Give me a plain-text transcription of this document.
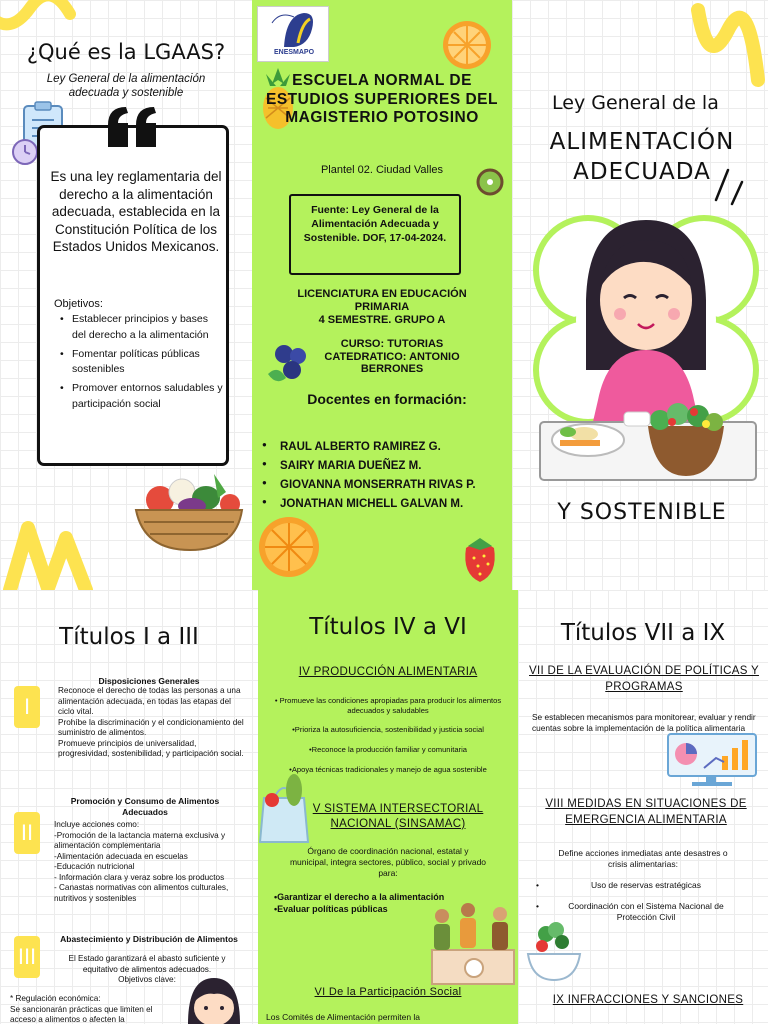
¿Qué es la LGAAS?
Ley General de la alimentación adecuada y sostenible
Es una ley reglamentaria del derecho a la alimentación adecuada, establecida en la Constitución Política de los Estados Unidos Mexicanos.
Objetivos:
• Establecer principios y bases del derecho a la alimentación
• Fomentar políticas públicas sostenibles
• Promover entornos saludables y participación social
ENESMAPO
ESCUELA NORMAL DE ESTUDIOS SUPERIORES DEL MAGISTERIO POTOSINO
Plantel 02. Ciudad Valles
Fuente: Ley General de la Alimentación Adecuada y Sostenible. DOF, 17-04-2024.
LICENCIATURA EN EDUCACIÓN PRIMARIA
4 SEMESTRE. GRUPO A
CURSO: TUTORIAS
CATEDRATICO: ANTONIO BERRONES
Docentes en formación:
● RAUL ALBERTO RAMIREZ G.
● SAIRY MARIA DUEÑEZ M.
● GIOVANNA MONSERRATH RIVAS P.
● JONATHAN MICHELL GALVAN M.
Ley General de la
ALIMENTACIÓN ADECUADA
Y SOSTENIBLE
Títulos I a III
I
Disposiciones Generales
Reconoce el derecho de todas las personas a una alimentación adecuada, en todas las etapas del ciclo vital.
Prohíbe la discriminación y el condicionamiento del suministro de alimentos.
Promueve principios de universalidad, progresividad, sostenibilidad, y participación social.
II
Promoción y Consumo de Alimentos Adecuados
Incluye acciones como:
-Promoción de la lactancia materna exclusiva y alimentación complementaria
-Alimentación adecuada en escuelas
-Educación nutricional
- Información clara y veraz sobre los productos
- Canastas normativas con alimentos culturales, nutritivos y sostenibles
III
Abastecimiento y Distribución de Alimentos
El Estado garantizará el abasto suficiente y equitativo de alimentos adecuados.
Objetivos clave:
* Regulación económica:
Se sancionarán prácticas que limiten el acceso a alimentos o afecten la
Títulos IV a VI
IV PRODUCCIÓN ALIMENTARIA
• Promueve las condiciones apropiadas para producir los alimentos adecuados y saludables
•Prioriza la autosuficiencia, sostenibilidad y justicia social
•Reconoce la producción familiar y comunitaria
•Apoya técnicas tradicionales y manejo de agua sostenible
V SISTEMA INTERSECTORIAL NACIONAL (SINSAMAC)
Órgano de coordinación nacional, estatal y municipal, integra sectores, público, social y privado para:
•Garantizar el derecho a la alimentación
•Evaluar políticas públicas
VI De la Participación Social
Los Comités de Alimentación permiten la
Títulos VII a IX
VII DE LA EVALUACIÓN DE POLÍTICAS Y PROGRAMAS
Se establecen mecanismos para monitorear, evaluar y rendir cuentas sobre la implementación de la política alimentaria
VIII MEDIDAS EN SITUACIONES DE EMERGENCIA ALIMENTARIA
Define acciones inmediatas ante desastres o crisis alimentarias:
•	Uso de reservas estratégicas
•	Coordinación con el Sistema Nacional de Protección Civil
IX INFRACCIONES Y SANCIONES
